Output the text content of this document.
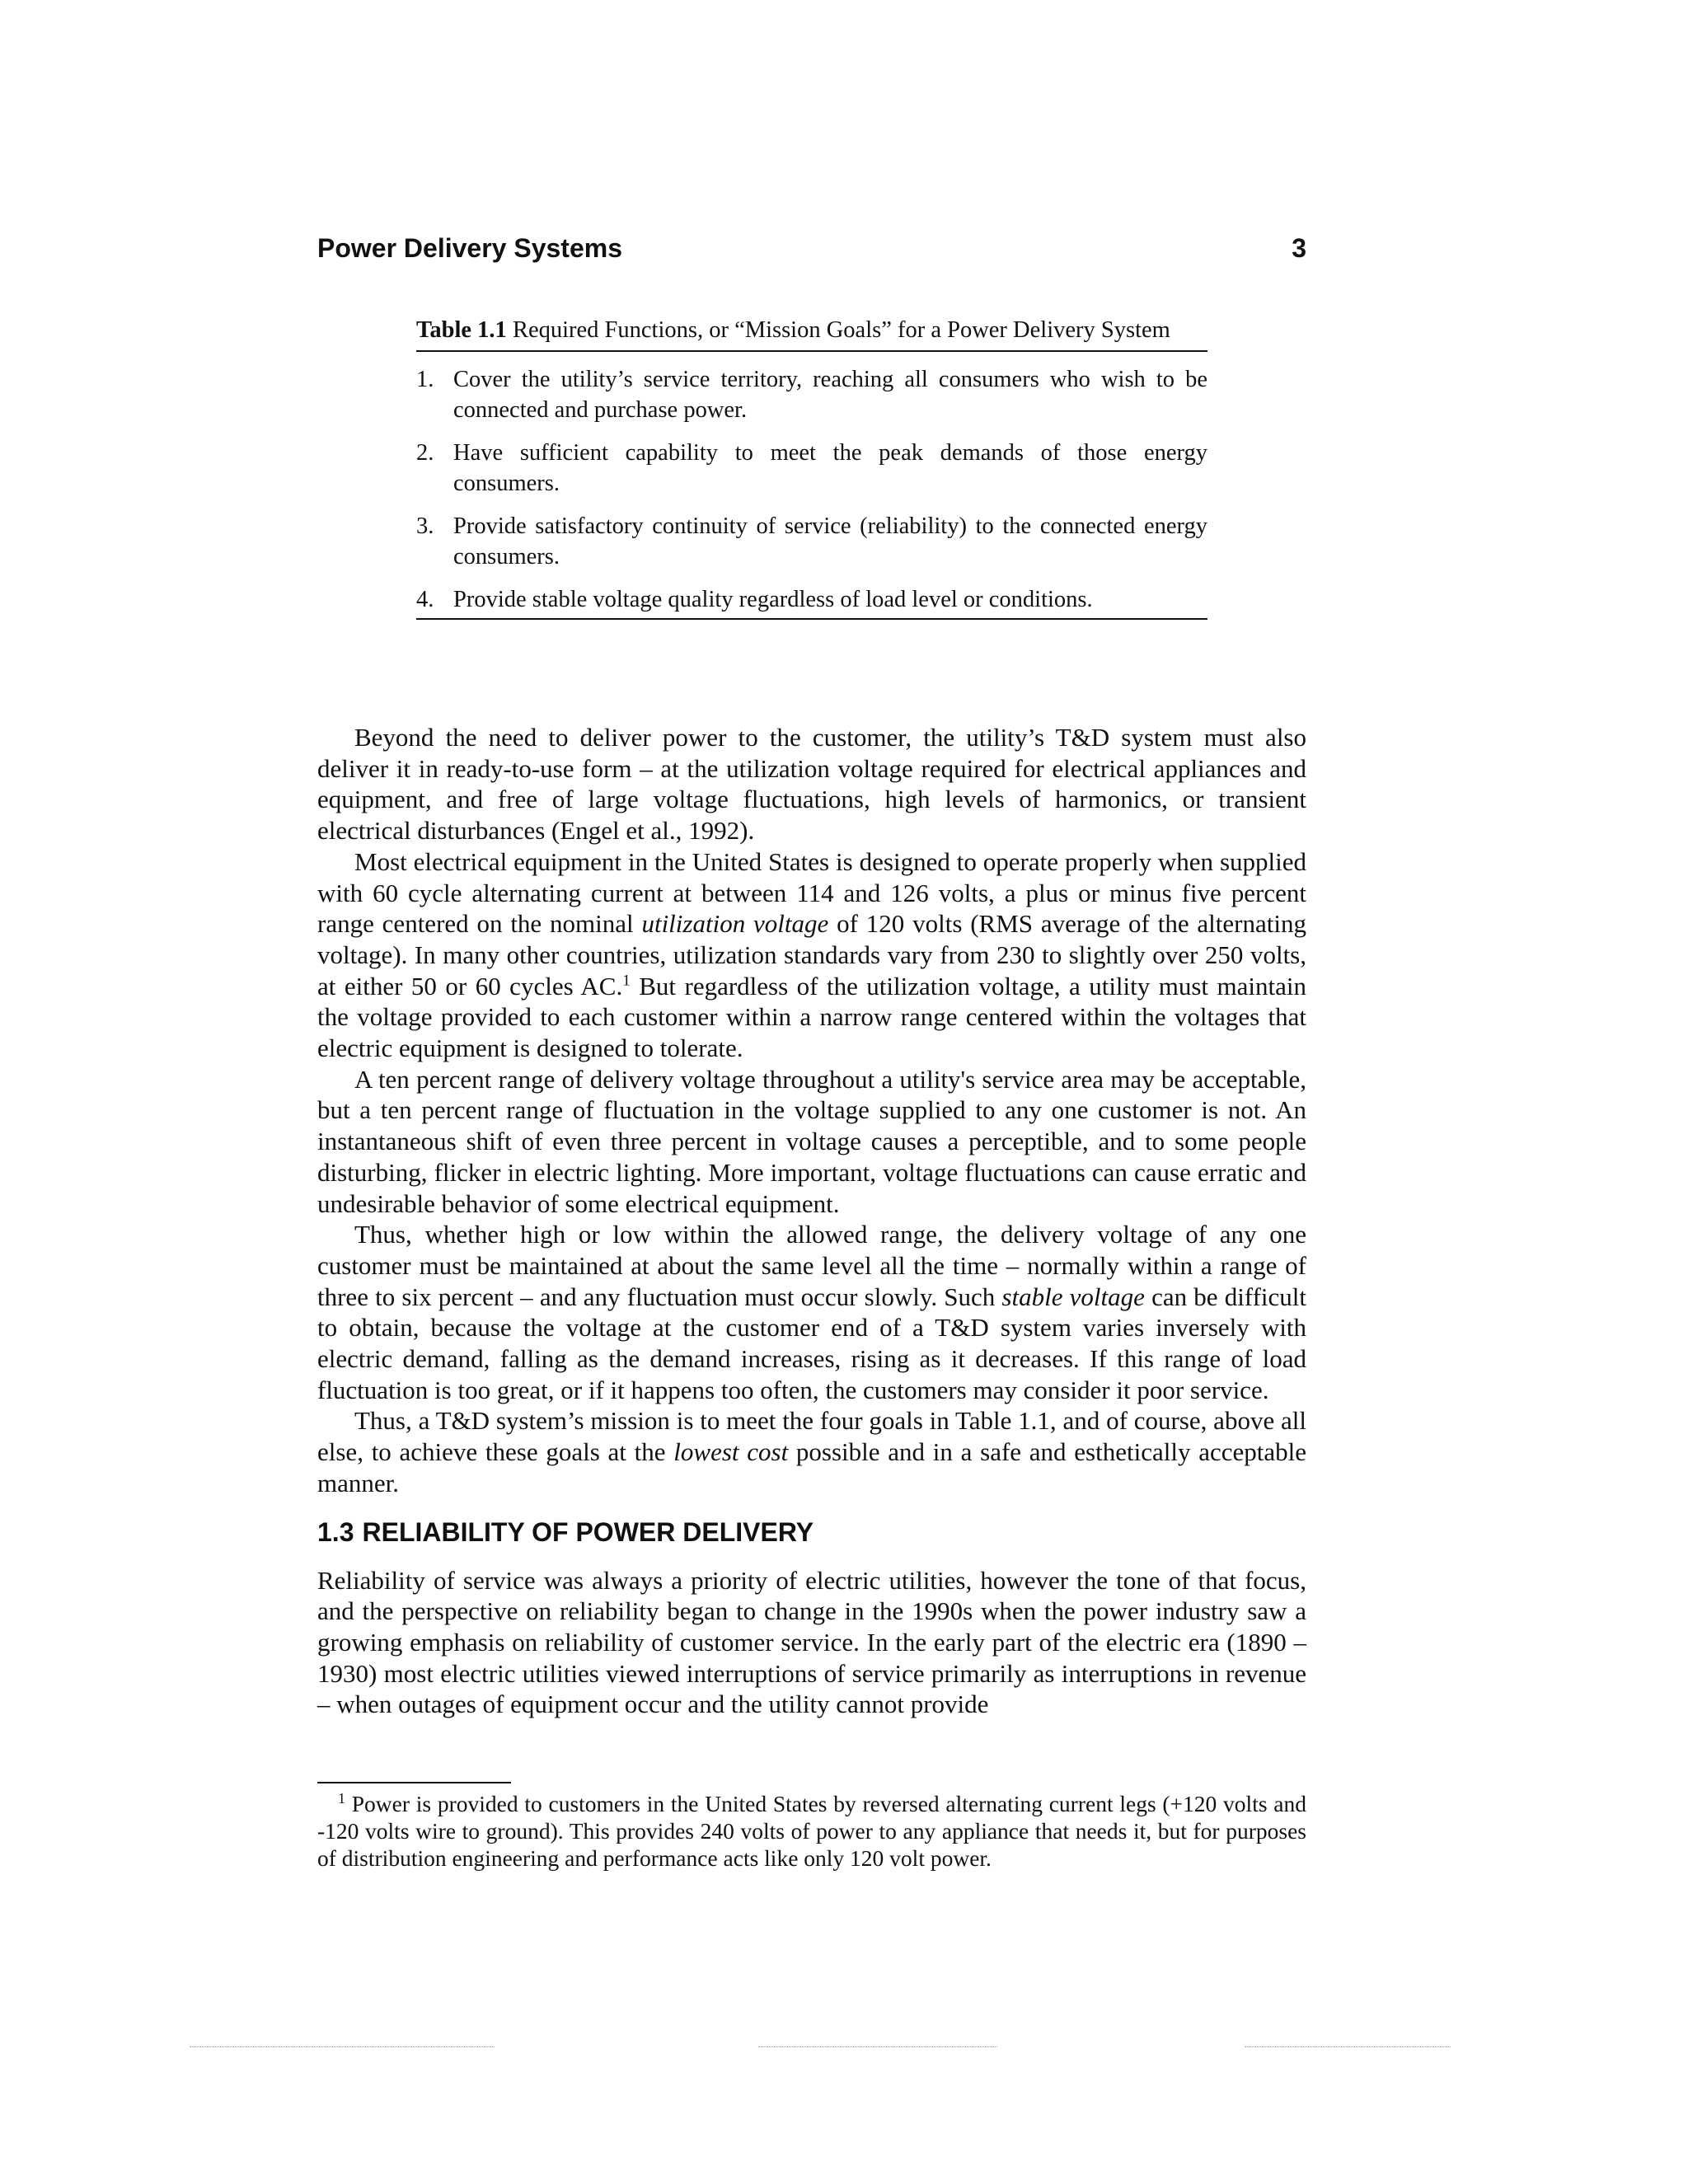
Power Delivery Systems	3
Table 1.1 Required Functions, or “Mission Goals” for a Power Delivery System
1. Cover the utility’s service territory, reaching all consumers who wish to be connected and purchase power.
2. Have sufficient capability to meet the peak demands of those energy consumers.
3. Provide satisfactory continuity of service (reliability) to the connected energy consumers.
4. Provide stable voltage quality regardless of load level or conditions.

Beyond the need to deliver power to the customer, the utility’s T&D system must also deliver it in ready-to-use form – at the utilization voltage required for electrical appliances and equipment, and free of large voltage fluctuations, high levels of harmonics, or transient electrical disturbances (Engel et al., 1992).

Most electrical equipment in the United States is designed to operate properly when supplied with 60 cycle alternating current at between 114 and 126 volts, a plus or minus five percent range centered on the nominal utilization voltage of 120 volts (RMS average of the alternating voltage). In many other countries, utilization standards vary from 230 to slightly over 250 volts, at either 50 or 60 cycles AC.$^1$ But regardless of the utilization voltage, a utility must maintain the voltage provided to each customer within a narrow range centered within the voltages that electric equipment is designed to tolerate.

A ten percent range of delivery voltage throughout a utility's service area may be acceptable, but a ten percent range of fluctuation in the voltage supplied to any one customer is not. An instantaneous shift of even three percent in voltage causes a perceptible, and to some people disturbing, flicker in electric lighting. More important, voltage fluctuations can cause erratic and undesirable behavior of some electrical equipment.

Thus, whether high or low within the allowed range, the delivery voltage of any one customer must be maintained at about the same level all the time – normally within a range of three to six percent – and any fluctuation must occur slowly. Such stable voltage can be difficult to obtain, because the voltage at the customer end of a T&D system varies inversely with electric demand, falling as the demand increases, rising as it decreases. If this range of load fluctuation is too great, or if it happens too often, the customers may consider it poor service.

Thus, a T&D system’s mission is to meet the four goals in Table 1.1, and of course, above all else, to achieve these goals at the lowest cost possible and in a safe and esthetically acceptable manner.

1.3 RELIABILITY OF POWER DELIVERY

Reliability of service was always a priority of electric utilities, however the tone of that focus, and the perspective on reliability began to change in the 1990s when the power industry saw a growing emphasis on reliability of customer service. In the early part of the electric era (1890 – 1930) most electric utilities viewed interruptions of service primarily as interruptions in revenue – when outages of equipment occur and the utility cannot provide

$^1$ Power is provided to customers in the United States by reversed alternating current legs (+120 volts and -120 volts wire to ground). This provides 240 volts of power to any appliance that needs it, but for purposes of distribution engineering and performance acts like only 120 volt power.
